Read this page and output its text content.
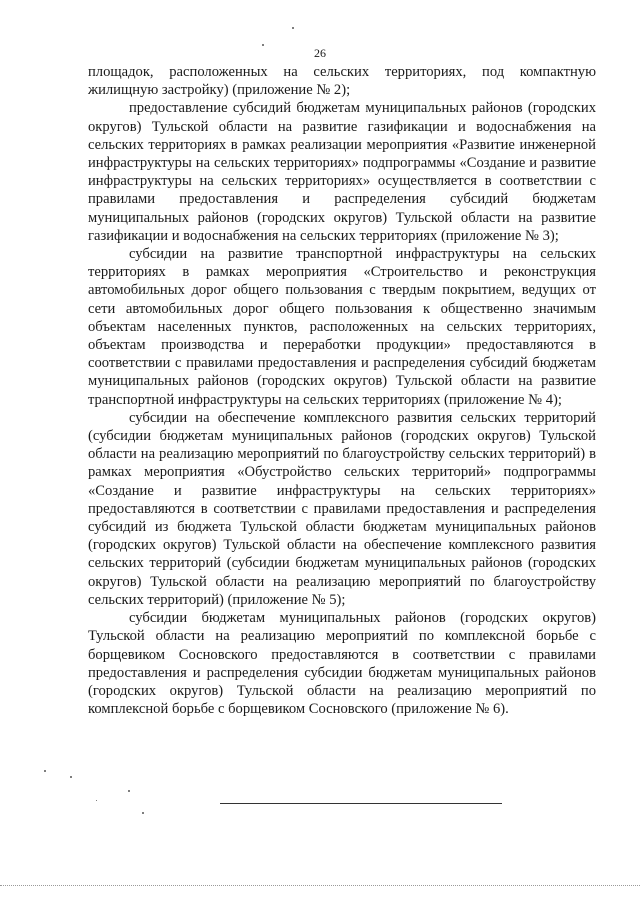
26

площадок, расположенных на сельских территориях, под компактную жилищную застройку) (приложение № 2);

предоставление субсидий бюджетам муниципальных районов (городских округов) Тульской области на развитие газификации и водоснабжения на сельских территориях в рамках реализации мероприятия «Развитие инженерной инфраструктуры на сельских территориях» подпрограммы «Создание и развитие инфраструктуры на сельских территориях» осуществляется в соответствии с правилами предоставления и распределения субсидий бюджетам муниципальных районов (городских округов) Тульской области на развитие газификации и водоснабжения на сельских территориях (приложение № 3);

субсидии на развитие транспортной инфраструктуры на сельских территориях в рамках мероприятия «Строительство и реконструкция автомобильных дорог общего пользования с твердым покрытием, ведущих от сети автомобильных дорог общего пользования к общественно значимым объектам населенных пунктов, расположенных на сельских территориях, объектам производства и переработки продукции» предоставляются в соответствии с правилами предоставления и распределения субсидий бюджетам муниципальных районов (городских округов) Тульской области на развитие транспортной инфраструктуры на сельских территориях (приложение № 4);

субсидии на обеспечение комплексного развития сельских территорий (субсидии бюджетам муниципальных районов (городских округов) Тульской области на реализацию мероприятий по благоустройству сельских территорий) в рамках мероприятия «Обустройство сельских территорий» подпрограммы «Создание и развитие инфраструктуры на сельских территориях» предоставляются в соответствии с правилами предоставления и распределения субсидий из бюджета Тульской области бюджетам муниципальных районов (городских округов) Тульской области на обеспечение комплексного развития сельских территорий (субсидии бюджетам муниципальных районов (городских округов) Тульской области на реализацию мероприятий по благоустройству сельских территорий) (приложение № 5);

субсидии бюджетам муниципальных районов (городских округов) Тульской области на реализацию мероприятий по комплексной борьбе с борщевиком Сосновского предоставляются в соответствии с правилами предоставления и распределения субсидии бюджетам муниципальных районов (городских округов) Тульской области на реализацию мероприятий по комплексной борьбе с борщевиком Сосновского (приложение № 6).
